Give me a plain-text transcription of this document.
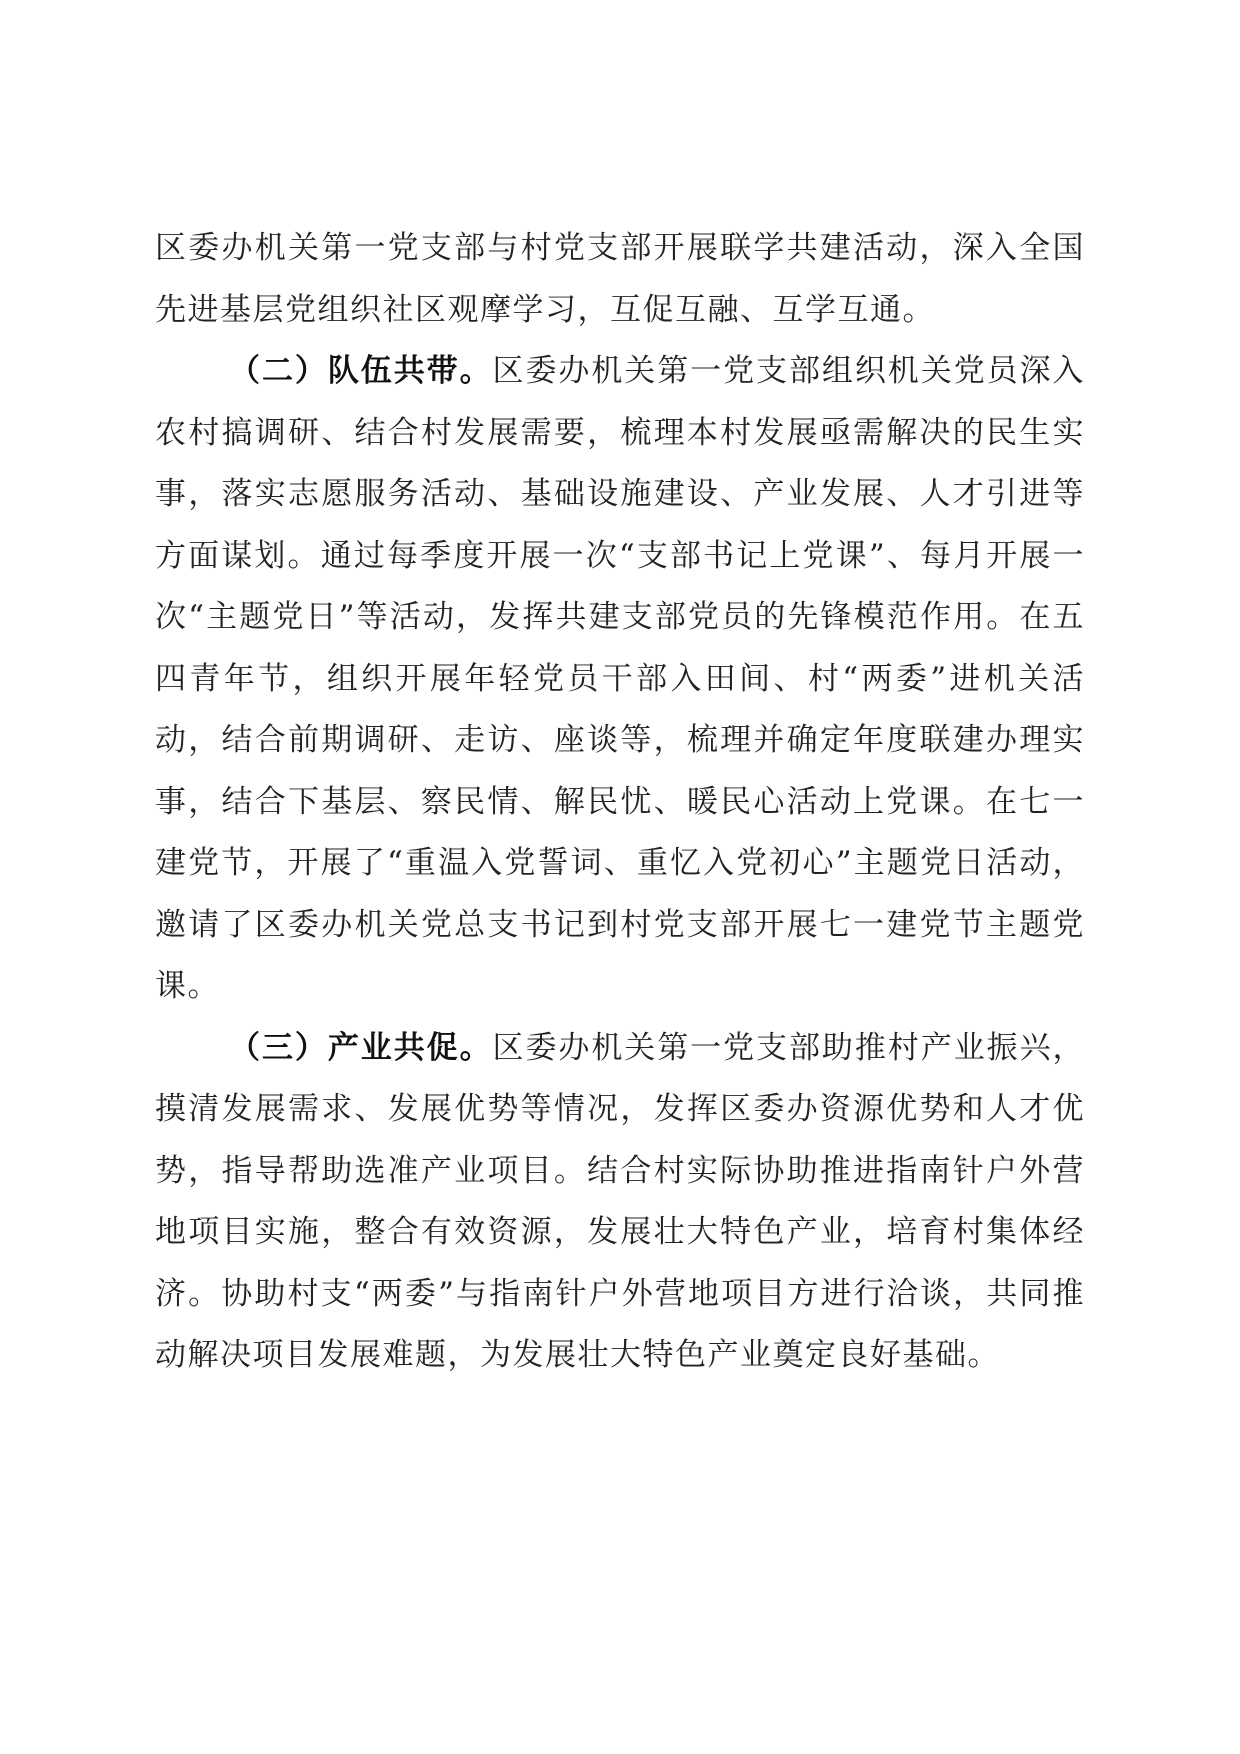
区委办机关第一党支部与村党支部开展联学共建活动，深入全国先进基层党组织社区观摩学习，互促互融、互学互通。

（二）队伍共带。区委办机关第一党支部组织机关党员深入农村搞调研、结合村发展需要，梳理本村发展亟需解决的民生实事，落实志愿服务活动、基础设施建设、产业发展、人才引进等方面谋划。通过每季度开展一次“支部书记上党课”、每月开展一次“主题党日”等活动，发挥共建支部党员的先锋模范作用。在五四青年节，组织开展年轻党员干部入田间、村“两委”进机关活动，结合前期调研、走访、座谈等，梳理并确定年度联建办理实事，结合下基层、察民情、解民忧、暖民心活动上党课。在七一建党节，开展了“重温入党誓词、重忆入党初心”主题党日活动，邀请了区委办机关党总支书记到村党支部开展七一建党节主题党课。

（三）产业共促。区委办机关第一党支部助推村产业振兴，摸清发展需求、发展优势等情况，发挥区委办资源优势和人才优势，指导帮助选准产业项目。结合村实际协助推进指南针户外营地项目实施，整合有效资源，发展壮大特色产业，培育村集体经济。协助村支“两委”与指南针户外营地项目方进行洽谈，共同推动解决项目发展难题，为发展壮大特色产业奠定良好基础。
